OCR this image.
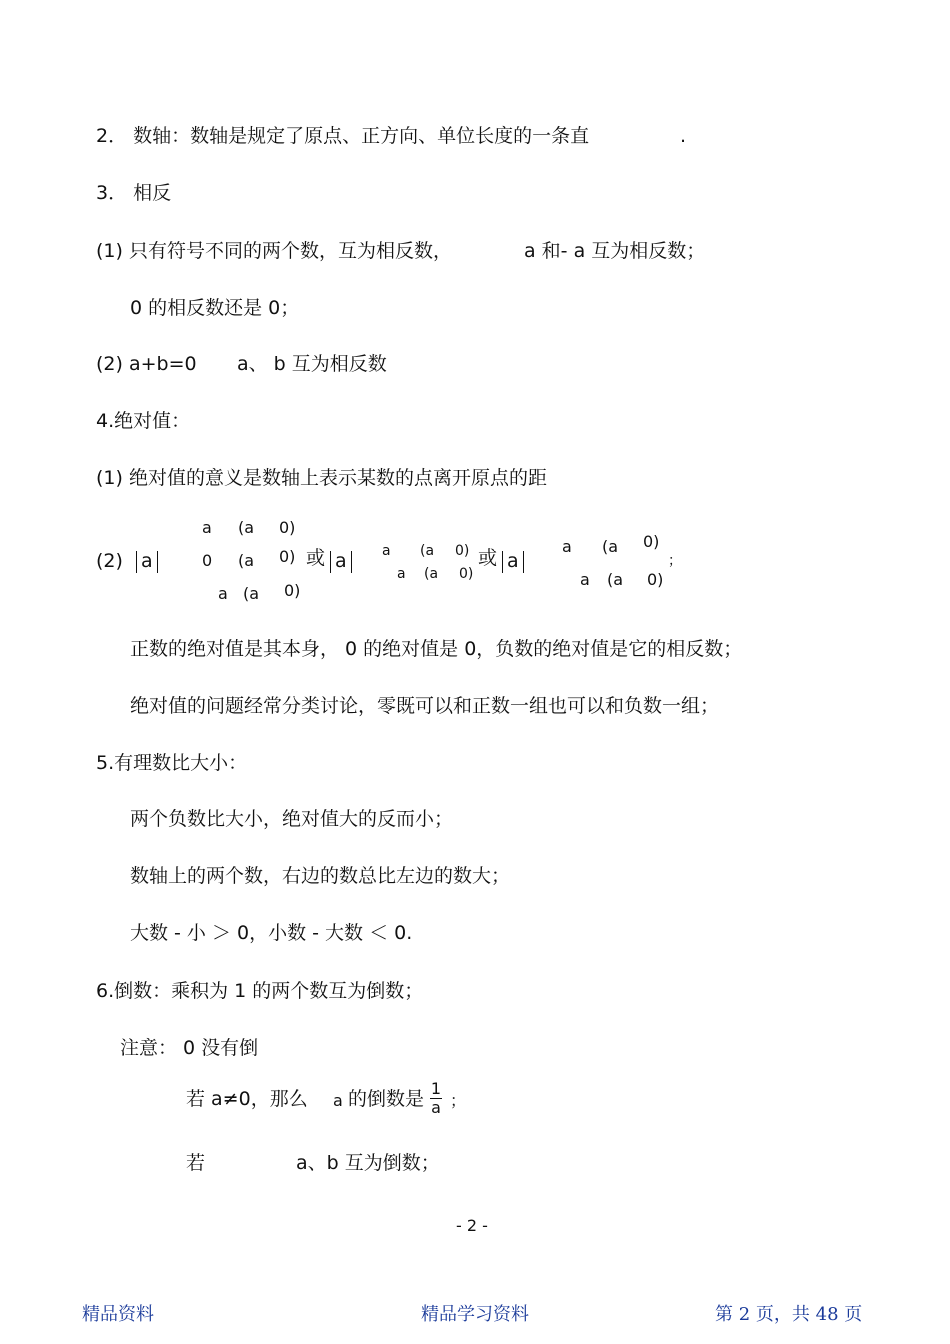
2． 数轴：数轴是规定了原点、正方向、单位长度的一条直	.
3． 相反
(1) 只有符号不同的两个数，互为相反数，	a 和- a 互为相反数；
0 的相反数还是 0；
(2) a+b=0 a、 b 互为相反数
4.绝对值：
(1) 绝对值的意义是数轴上表示某数的点离开原点的距
(2) a
a (a 0)
0 (a 0)
a (a 0)
或 a	a (a 0)
a (a 0)
或 a
a (a 0)
a (a 0)
；
正数的绝对值是其本身， 0 的绝对值是 0，负数的绝对值是它的相反数；
绝对值的问题经常分类讨论，零既可以和正数一组也可以和负数一组；
5.有理数比大小：
两个负数比大小，绝对值大的反而小；
数轴上的两个数，右边的数总比左边的数大；
大数 - 小 ＞ 0，小数 - 大数 ＜ 0.
6.倒数：乘积为 1 的两个数互为倒数；
注意： 0 没有倒
若 a≠0，那么 a 的倒数是 1
a ；
若	a、b 互为倒数；
- 2 -
精品资料	精品学习资料	第 2 页，共 48 页
